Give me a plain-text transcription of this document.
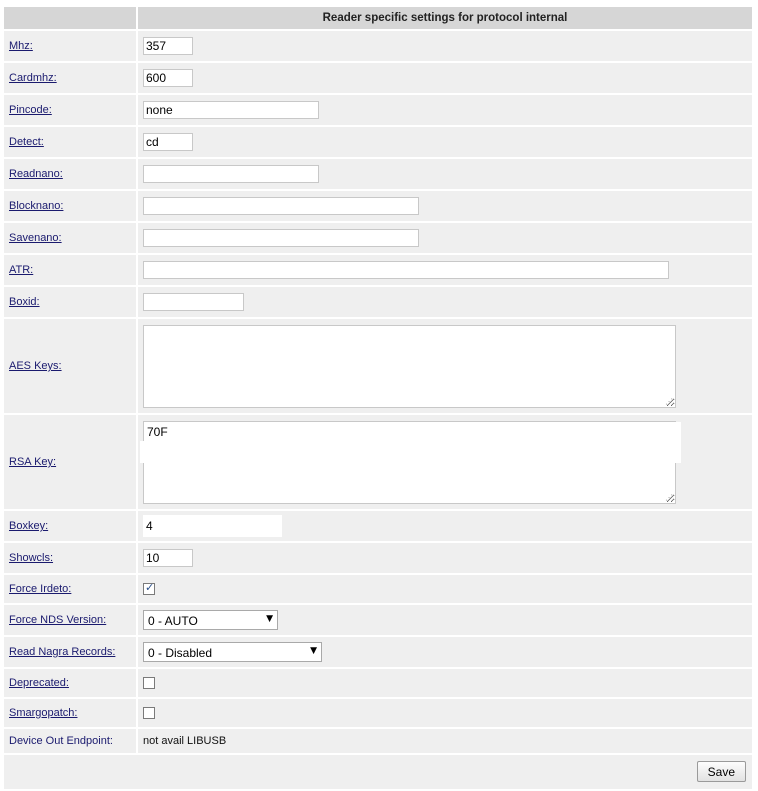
	Reader specific settings for protocol internal
Mhz:	
357
Cardmhz:	
600
Pincode:	
none
Detect:	
cd
Readnano:	

Blocknano:	

Savenano:	

ATR:	

Boxid:	

AES Keys:	⋰

RSA Key:	
70F
⋰

Boxkey:	
4

Showcls:	
10
Force Irdeto:	
✓

Force NDS Version:	0 - AUTO ▼

Read Nagra Records:	0 - Disabled ▼

Deprecated:	

Smargopatch:	

Device Out Endpoint:	not avail LIBUSB

Save	
